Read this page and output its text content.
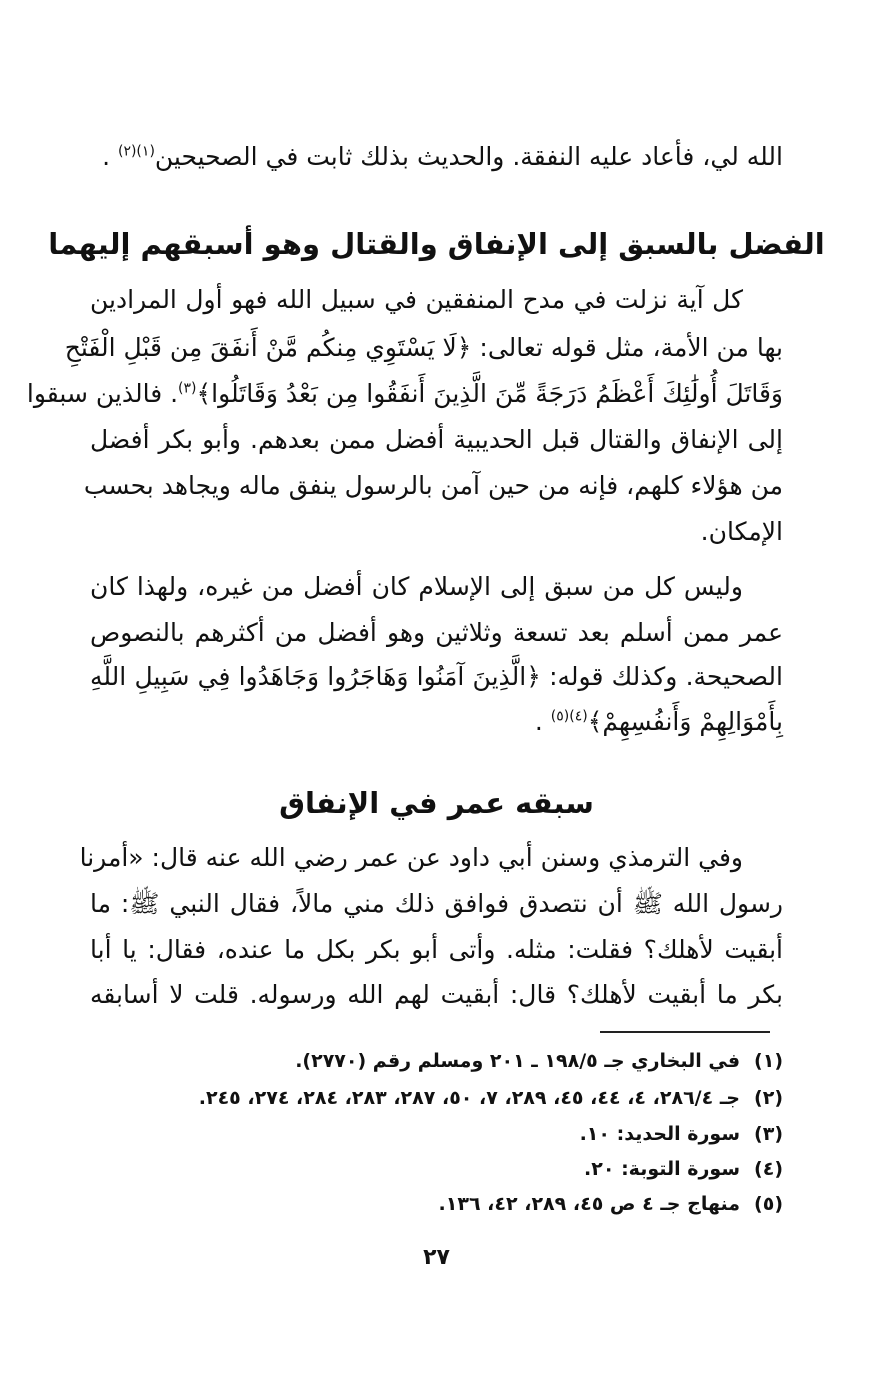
الله لي، فأعاد عليه النفقة. والحديث بذلك ثابت في الصحيحين$^{(١)(٢)}$ .
الفضل بالسبق إلى الإنفاق والقتال وهو أسبقهم إليهما
كل آية نزلت في مدح المنفقين في سبيل الله فهو أول المرادين
بها من الأمة، مثل قوله تعالى: ﴿لَا يَسْتَوِي مِنكُم مَّنْ أَنفَقَ مِن قَبْلِ الْفَتْحِ
وَقَاتَلَ أُولَٰئِكَ أَعْظَمُ دَرَجَةً مِّنَ الَّذِينَ أَنفَقُوا مِن بَعْدُ وَقَاتَلُوا﴾$^{(٣)}$. فالذين سبقوا
إلى الإنفاق والقتال قبل الحديبية أفضل ممن بعدهم. وأبو بكر أفضل
من هؤلاء كلهم، فإنه من حين آمن بالرسول ينفق ماله ويجاهد بحسب
الإمكان.
وليس كل من سبق إلى الإسلام كان أفضل من غيره، ولهذا كان
عمر ممن أسلم بعد تسعة وثلاثين وهو أفضل من أكثرهم بالنصوص
الصحيحة. وكذلك قوله: ﴿الَّذِينَ آمَنُوا وَهَاجَرُوا وَجَاهَدُوا فِي سَبِيلِ اللَّهِ
بِأَمْوَالِهِمْ وَأَنفُسِهِمْ﴾$^{(٤)(٥)}$ .
سبقه عمر في الإنفاق
وفي الترمذي وسنن أبي داود عن عمر رضي الله عنه قال: «أمرنا
رسول الله ﷺ أن نتصدق فوافق ذلك مني مالاً، فقال النبي ﷺ: ما
أبقيت لأهلك؟ فقلت: مثله. وأتى أبو بكر بكل ما عنده، فقال: يا أبا
بكر ما أبقيت لأهلك؟ قال: أبقيت لهم الله ورسوله. قلت لا أسابقه
(١)في البخاري جـ ١٩٨/٥ ـ ٢٠١ ومسلم رقم (٢٧٧٠).
(٢)جـ ٢٨٦/٤، ٤، ٤٤، ٤٥، ٢٨٩، ٧، ٥٠، ٢٨٧، ٢٨٣، ٢٨٤، ٢٧٤، ٢٤٥.
(٣)سورة الحديد: ١٠.
(٤)سورة التوبة: ٢٠.
(٥)منهاج جـ ٤ ص ٤٥، ٢٨٩، ٤٢، ١٣٦.
٢٧
